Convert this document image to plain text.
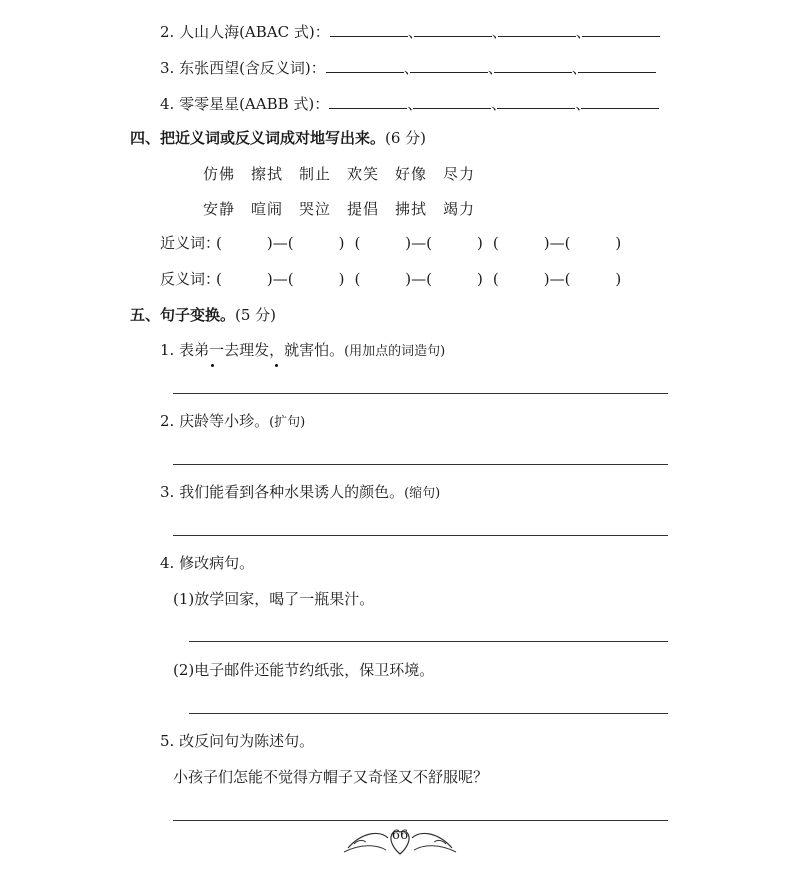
2. 人山人海(ABAC 式)：	、	、	、
3. 东张西望(含反义词)：	、	、	、
4. 零零星星(AABB 式)：	、	、	、
四、把近义词或反义词成对地写出来。(6 分)
仿佛 擦拭 制止 欢笑 好像 尽力
安静 喧闹 哭泣 提倡 拂拭 竭力
近义词：(　　　)—(　　　) (　　　)—(　　　) (　　　)—(　　　)
反义词：(　　　)—(　　　) (　　　)—(　　　) (　　　)—(　　　)
五、句子变换。(5 分)
1. 表弟一去理发，就害怕。(用加点的词造句)
2. 庆龄等小珍。(扩句)
3. 我们能看到各种水果诱人的颜色。(缩句)
4. 修改病句。
(1)放学回家，喝了一瓶果汁。
(2)电子邮件还能节约纸张，保卫环境。
5. 改反问句为陈述句。
小孩子们怎能不觉得方帽子又奇怪又不舒服呢？
66
